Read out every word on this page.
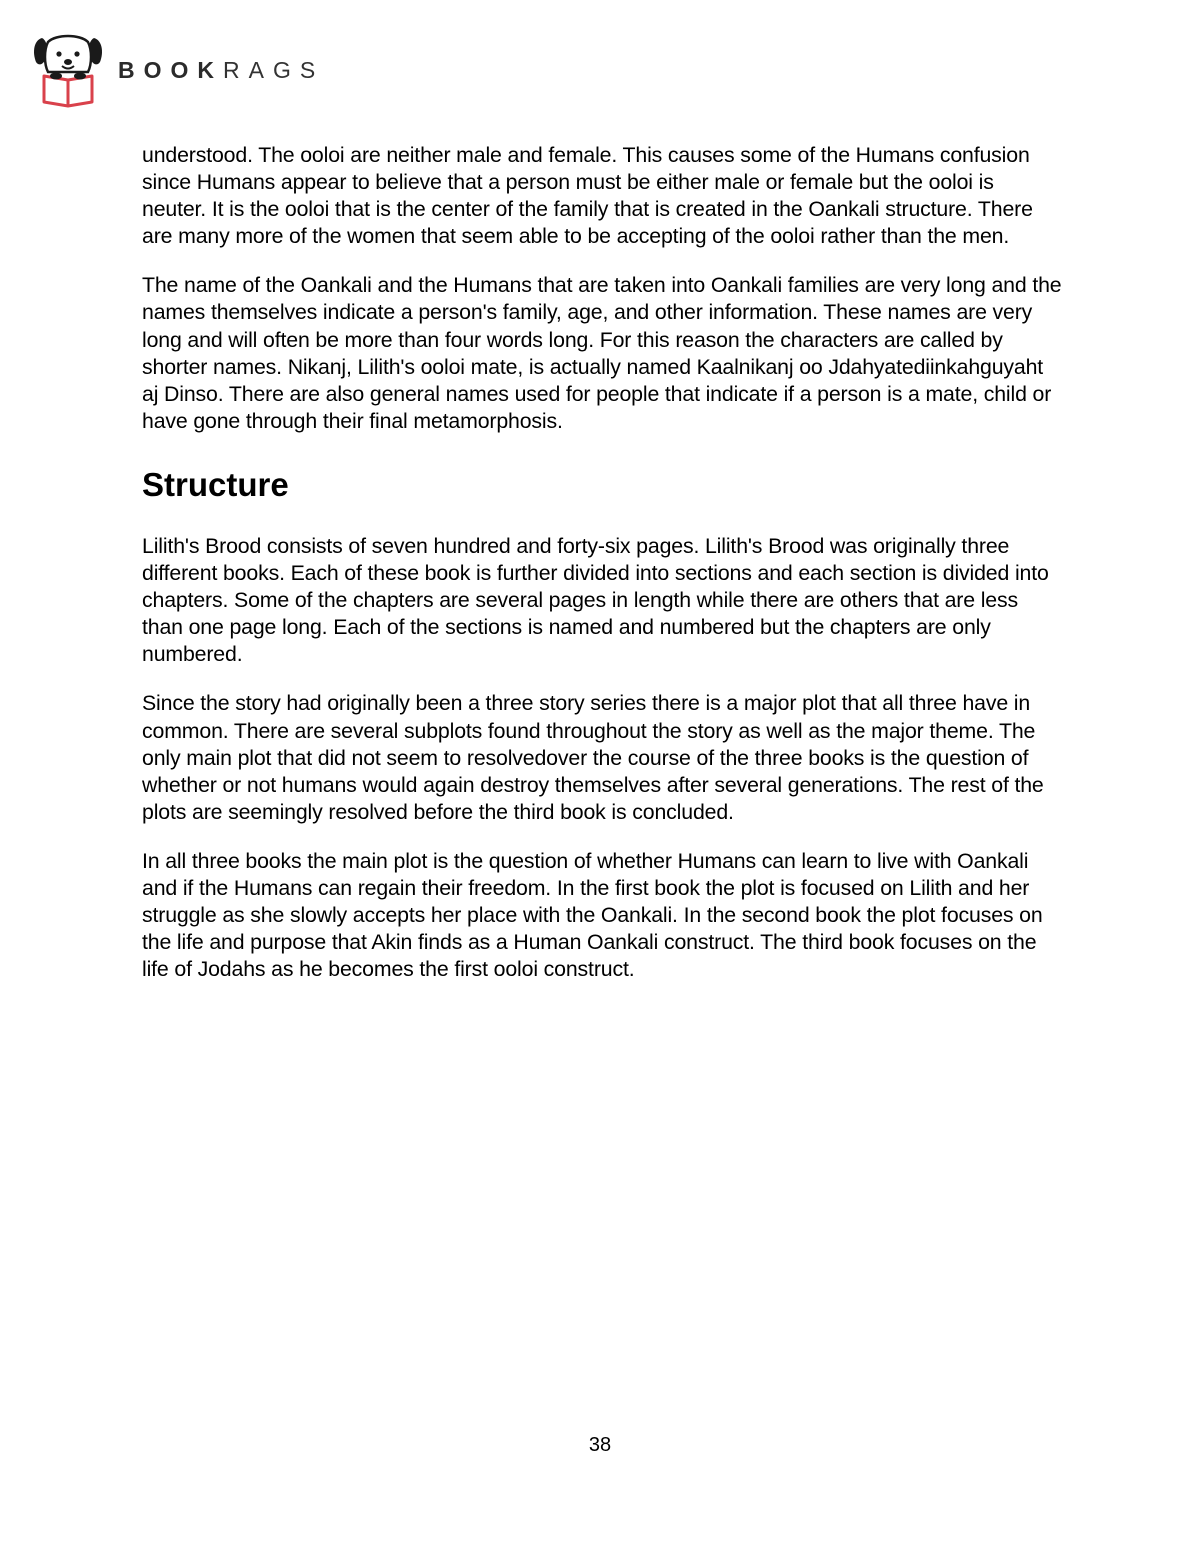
BOOKRAGS

understood. The ooloi are neither male and female. This causes some of the Humans confusion since Humans appear to believe that a person must be either male or female but the ooloi is neuter. It is the ooloi that is the center of the family that is created in the Oankali structure. There are many more of the women that seem able to be accepting of the ooloi rather than the men.

The name of the Oankali and the Humans that are taken into Oankali families are very long and the names themselves indicate a person's family, age, and other information. These names are very long and will often be more than four words long. For this reason the characters are called by shorter names. Nikanj, Lilith's ooloi mate, is actually named Kaalnikanj oo Jdahyatediinkahguyaht aj Dinso. There are also general names used for people that indicate if a person is a mate, child or have gone through their final metamorphosis.

Structure

Lilith's Brood consists of seven hundred and forty-six pages. Lilith's Brood was originally three different books. Each of these book is further divided into sections and each section is divided into chapters. Some of the chapters are several pages in length while there are others that are less than one page long. Each of the sections is named and numbered but the chapters are only numbered.

Since the story had originally been a three story series there is a major plot that all three have in common. There are several subplots found throughout the story as well as the major theme. The only main plot that did not seem to resolvedover the course of the three books is the question of whether or not humans would again destroy themselves after several generations. The rest of the plots are seemingly resolved before the third book is concluded.

In all three books the main plot is the question of whether Humans can learn to live with Oankali and if the Humans can regain their freedom. In the first book the plot is focused on Lilith and her struggle as she slowly accepts her place with the Oankali. In the second book the plot focuses on the life and purpose that Akin finds as a Human Oankali construct. The third book focuses on the life of Jodahs as he becomes the first ooloi construct.

38
